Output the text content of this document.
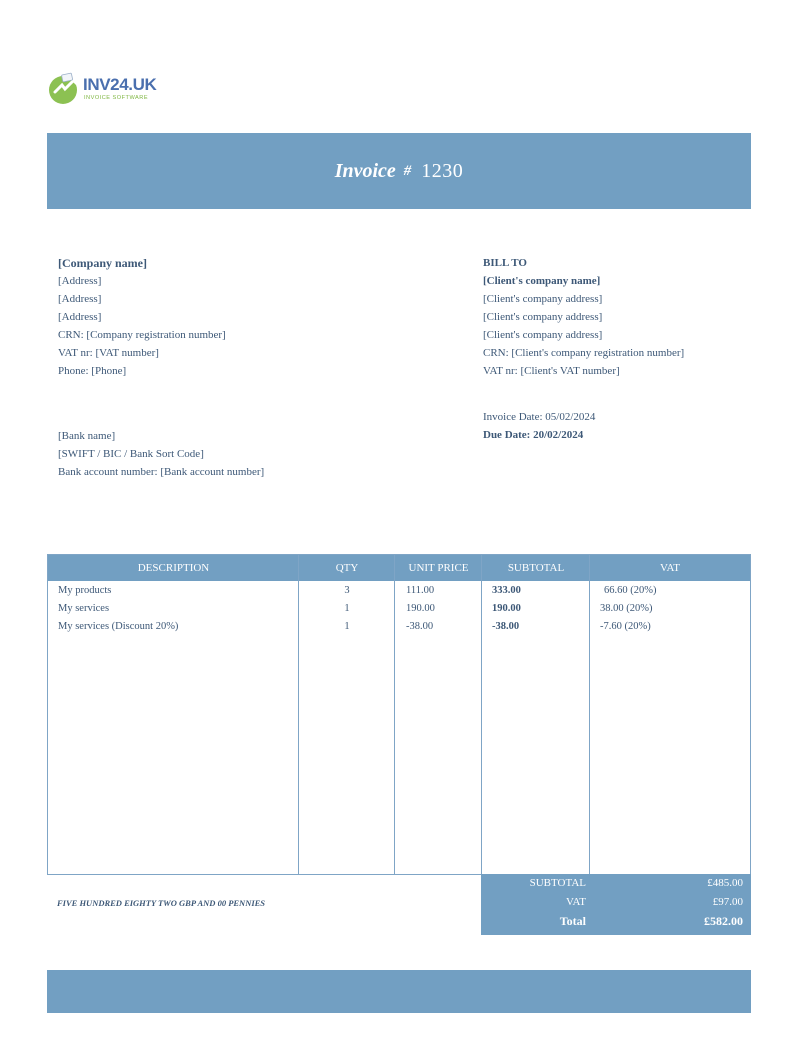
INV24.UK
INVOICE SOFTWARE
Invoice # 1230
[Company name]
[Address]
[Address]
[Address]
CRN: [Company registration number]
VAT nr: [VAT number]
Phone: [Phone]
[Bank name]
[SWIFT / BIC / Bank Sort Code]
Bank account number: [Bank account number]
BILL TO
[Client's company name]
[Client's company address]
[Client's company address]
[Client's company address]
CRN: [Client's company registration number]
VAT nr: [Client's VAT number]
Invoice Date: 05/02/2024
Due Date: 20/02/2024
DESCRIPTION	QTY	UNIT PRICE	SUBTOTAL	VAT
My products	3	111.00	333.00	66.60 (20%)
My services	1	190.00	190.00	38.00 (20%)
My services (Discount 20%)	1	-38.00	-38.00	-7.60 (20%)
FIVE HUNDRED EIGHTY TWO GBP AND 00 PENNIES
SUBTOTAL	£485.00
VAT	£97.00
Total	£582.00
